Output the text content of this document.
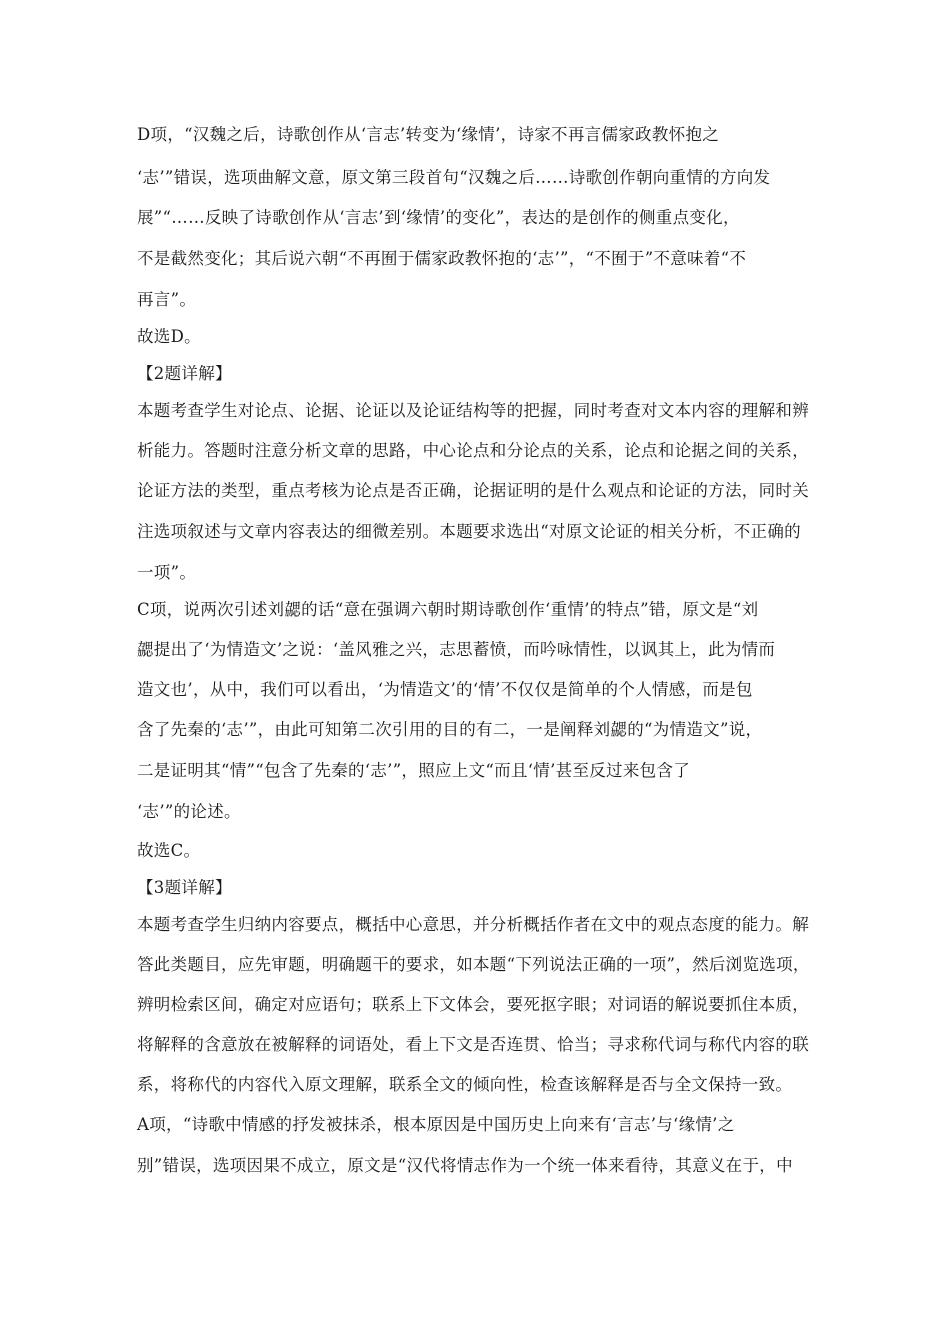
D项，“汉魏之后，诗歌创作从‘言志’转变为‘缘情’，诗家不再言儒家政教怀抱之
‘志’”错误，选项曲解文意，原文第三段首句“汉魏之后……诗歌创作朝向重情的方向发
展”“……反映了诗歌创作从‘言志’到‘缘情’的变化”，表达的是创作的侧重点变化，
不是截然变化；其后说六朝“不再囿于儒家政教怀抱的‘志’”，“不囿于”不意味着“不
再言”。
故选D。
【2题详解】
本题考查学生对论点、论据、论证以及论证结构等的把握，同时考查对文本内容的理解和辨
析能力。答题时注意分析文章的思路，中心论点和分论点的关系，论点和论据之间的关系，
论证方法的类型，重点考核为论点是否正确，论据证明的是什么观点和论证的方法，同时关
注选项叙述与文章内容表达的细微差别。本题要求选出“对原文论证的相关分析，不正确的
一项”。
C项，说两次引述刘勰的话“意在强调六朝时期诗歌创作‘重情’的特点”错，原文是“刘
勰提出了‘为情造文’之说：‘盖风雅之兴，志思蓄愤，而吟咏情性，以讽其上，此为情而
造文也’，从中，我们可以看出，‘为情造文’的‘情’不仅仅是简单的个人情感，而是包
含了先秦的‘志’”，由此可知第二次引用的目的有二，一是阐释刘勰的“为情造文”说，
二是证明其“情”“包含了先秦的‘志’”，照应上文“而且‘情’甚至反过来包含了
‘志’”的论述。
故选C。
【3题详解】
本题考查学生归纳内容要点，概括中心意思，并分析概括作者在文中的观点态度的能力。解
答此类题目，应先审题，明确题干的要求，如本题“下列说法正确的一项”，然后浏览选项，
辨明检索区间，确定对应语句；联系上下文体会，要死抠字眼；对词语的解说要抓住本质，
将解释的含意放在被解释的词语处，看上下文是否连贯、恰当；寻求称代词与称代内容的联
系，将称代的内容代入原文理解，联系全文的倾向性，检查该解释是否与全文保持一致。
A项，“诗歌中情感的抒发被抹杀，根本原因是中国历史上向来有‘言志’与‘缘情’之
别”错误，选项因果不成立，原文是“汉代将情志作为一个统一体来看待，其意义在于，中
